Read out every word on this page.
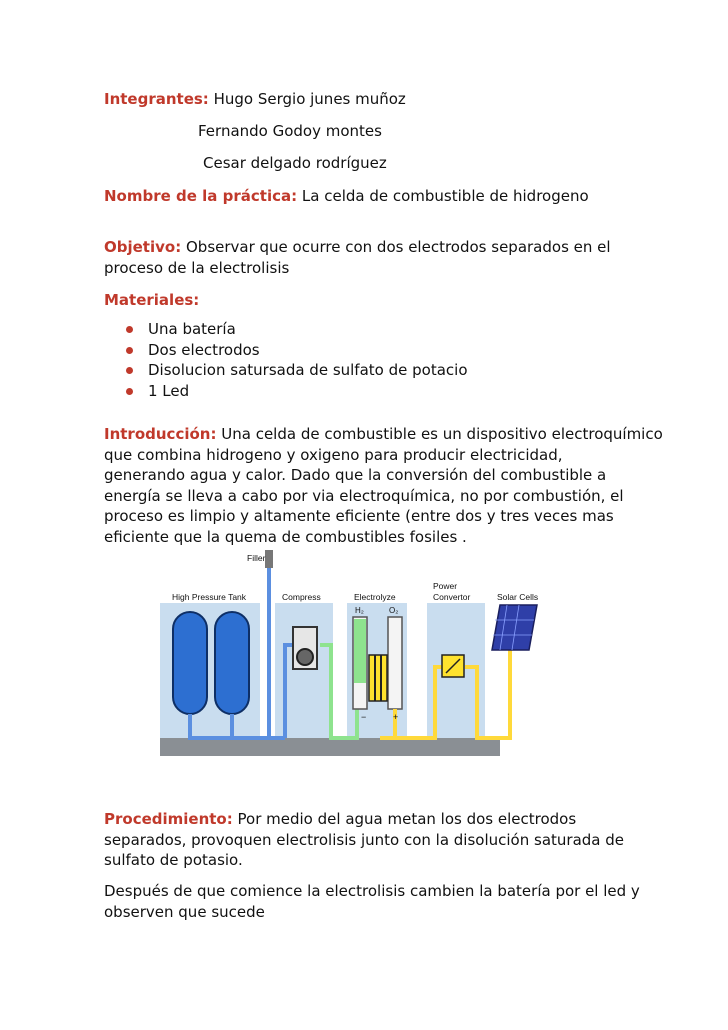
Integrantes: Hugo Sergio junes muñoz
Fernando Godoy montes
Cesar delgado rodríguez
Nombre de la práctica: La celda de combustible de hidrogeno
Objetivo: Observar que ocurre con dos electrodos separados en el
proceso de la electrolisis
Materiales:
Una batería
Dos electrodos
Disolucion satursada de sulfato de potacio
1 Led
Introducción: Una celda de combustible es un dispositivo electroquímico
que combina hidrogeno y oxigeno para producir electricidad,
generando agua y calor. Dado que la conversión del combustible a
energía se lleva a cabo por via electroquímica, no por combustión, el
proceso es limpio y altamente eficiente (entre dos y tres veces mas
eficiente que la quema de combustibles fosiles .
Filler
High Pressure Tank	Compress	Electrolyze
H₂	O₂
−	+
Power
Convertor	Solar Cells
Procedimiento: Por medio del agua metan los dos electrodos
separados, provoquen electrolisis junto con la disolución saturada de
sulfato de potasio.
Después de que comience la electrolisis cambien la batería por el led y
observen que sucede
